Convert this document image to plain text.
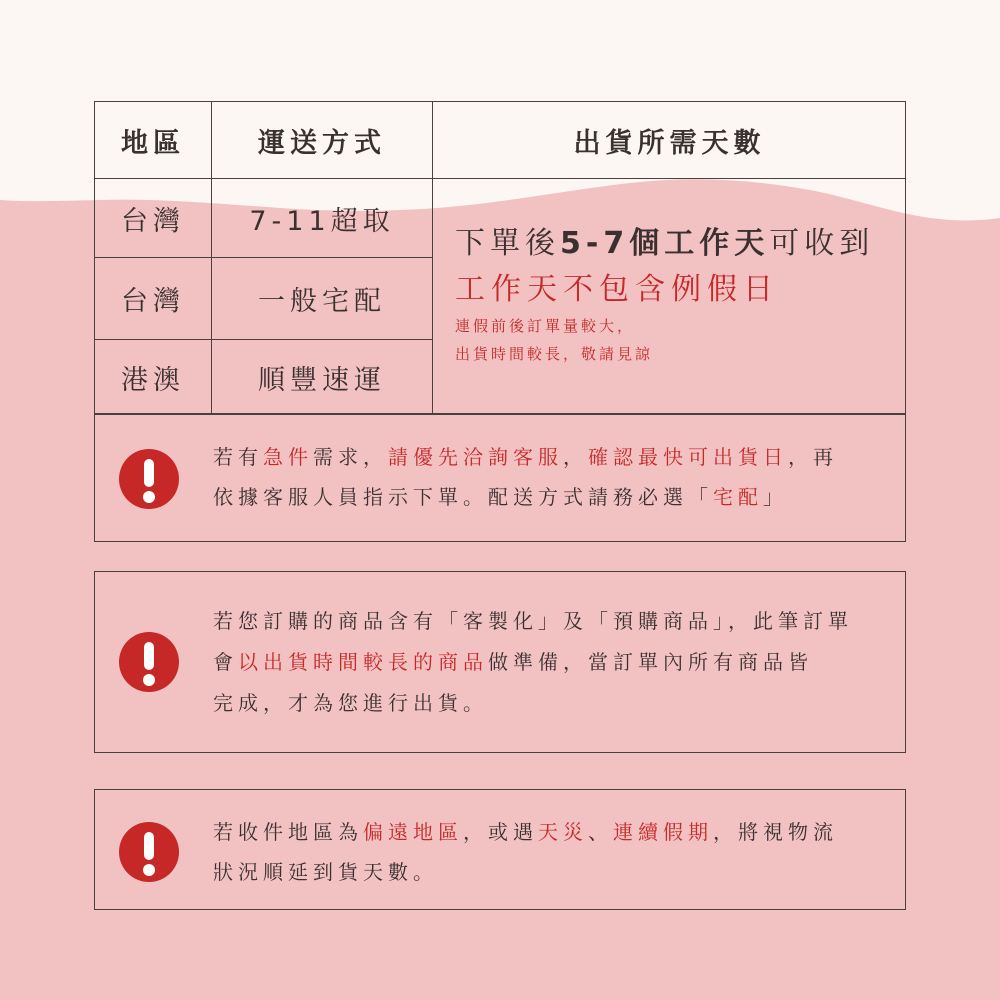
地區	運送方式	出貨所需天數
台灣	7-11超取
台灣	一般宅配
港澳	順豐速運
下單後5-7個工作天可收到
工作天不包含例假日
連假前後訂單量較大，
出貨時間較長，敬請見諒
若有急件需求，請優先洽詢客服，確認最快可出貨日，再
依據客服人員指示下單。配送方式請務必選「宅配」
若您訂購的商品含有「客製化」及「預購商品」，此筆訂單
會以出貨時間較長的商品做準備，當訂單內所有商品皆
完成，才為您進行出貨。
若收件地區為偏遠地區，或遇天災、連續假期，將視物流
狀況順延到貨天數。
